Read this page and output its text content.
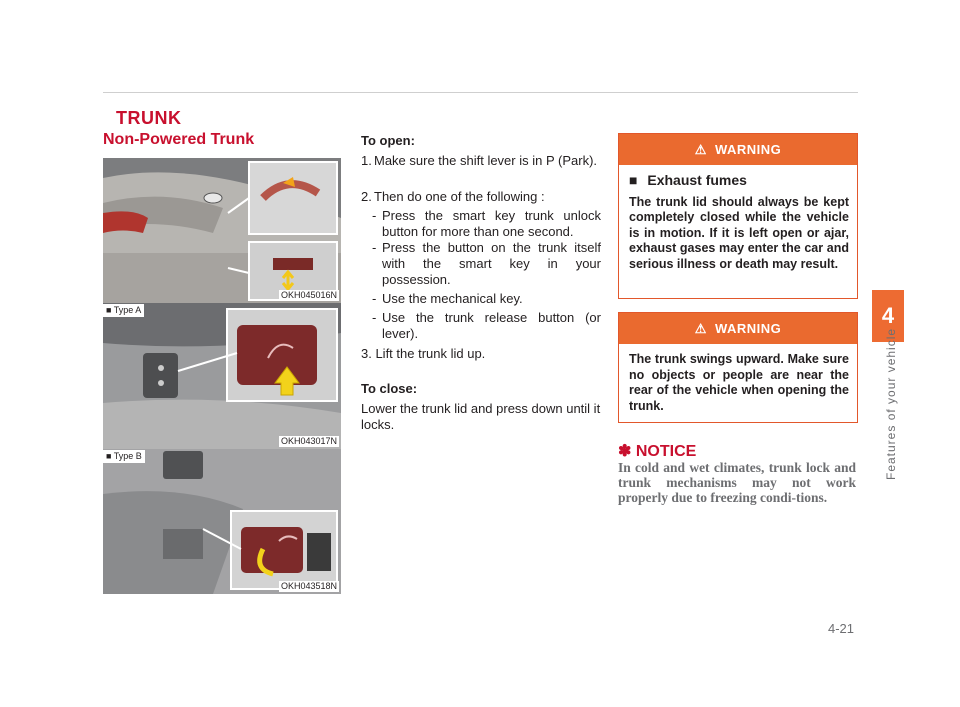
TRUNK
Non-Powered Trunk
OKH045016N
■ Type A
OKH043017N
■ Type B
OKH043518N
To open:
1. Make sure the shift lever is in P (Park).

2. Then do one of the following :

- Press the smart key trunk unlock button for more than one second.

- Press the button on the trunk itself with the smart key in your possession.

- Use the mechanical key.

- Use the trunk release button (or lever).

3. Lift the trunk lid up.
To close:

Lower the trunk lid and press down until it locks.

⚠ WARNING
■ Exhaust fumes
The trunk lid should always be kept completely closed while the vehicle is in motion. If it is left open or ajar, exhaust gases may enter the car and serious illness or death may result.
⚠ WARNING
The trunk swings upward. Make sure no objects or people are near the rear of the vehicle when opening the trunk.
✽ NOTICE
In cold and wet climates, trunk lock and trunk mechanisms may not work properly due to freezing condi-tions.
4
Features of your vehicle
4-21
